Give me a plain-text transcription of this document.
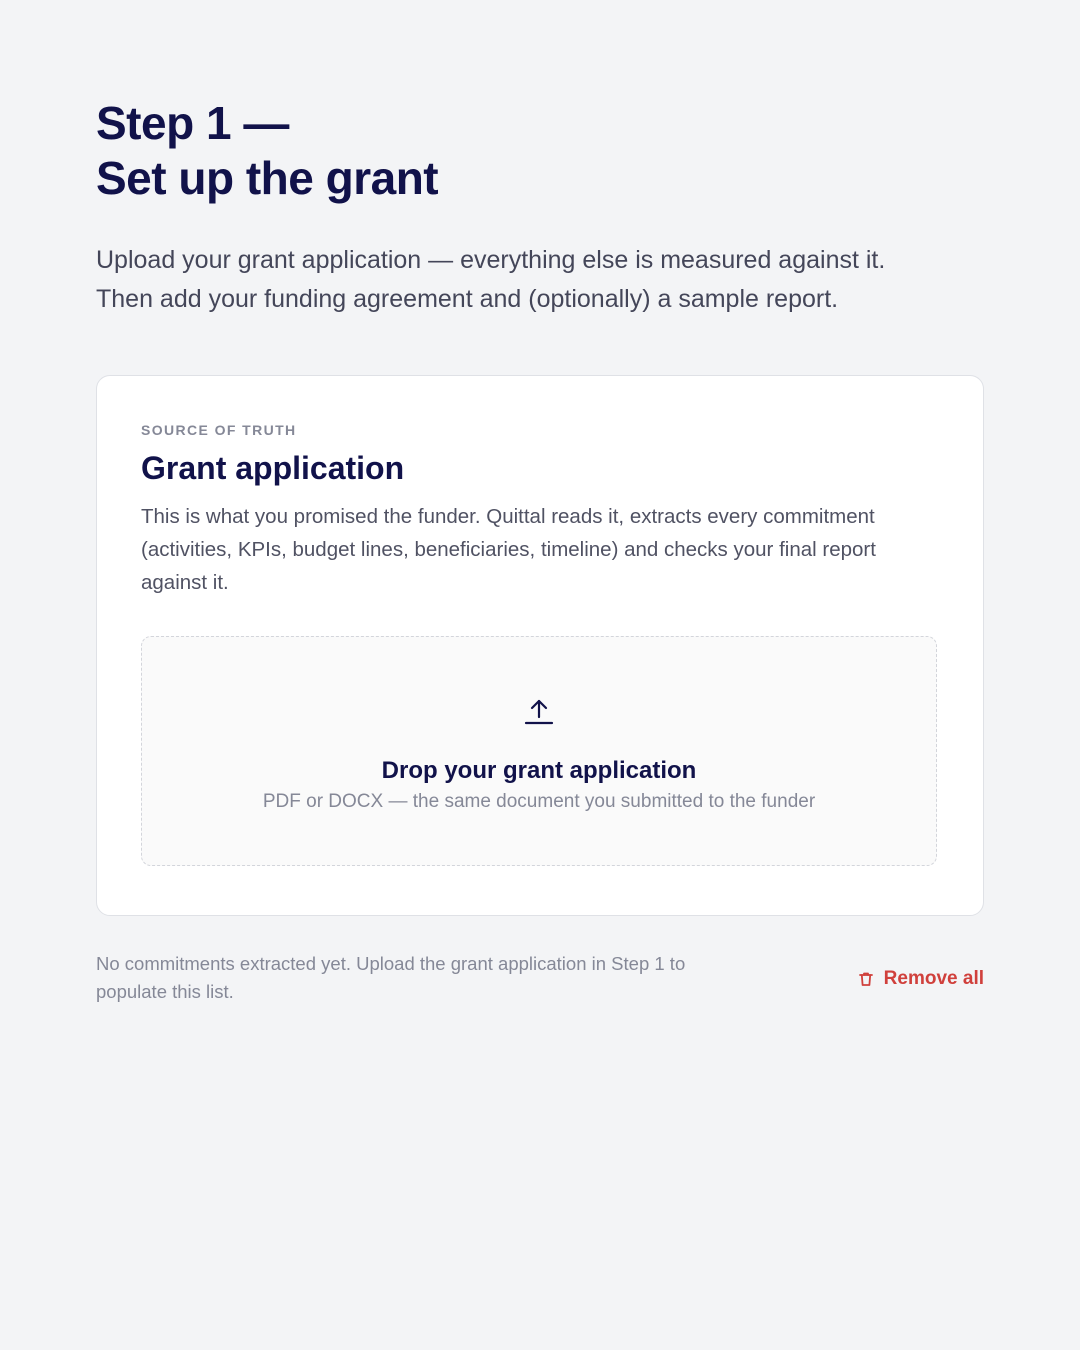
Step 1 —
Set up the grant

Upload your grant application — everything else is measured against it. Then add your funding agreement and (optionally) a sample report.

SOURCE OF TRUTH
Grant application

This is what you promised the funder. Quittal reads it, extracts every commitment (activities, KPIs, budget lines, beneficiaries, timeline) and checks your final report against it.

Drop your grant application
PDF or DOCX — the same document you submitted to the funder

No commitments extracted yet. Upload the grant application in Step 1 to populate this list.

Remove all
